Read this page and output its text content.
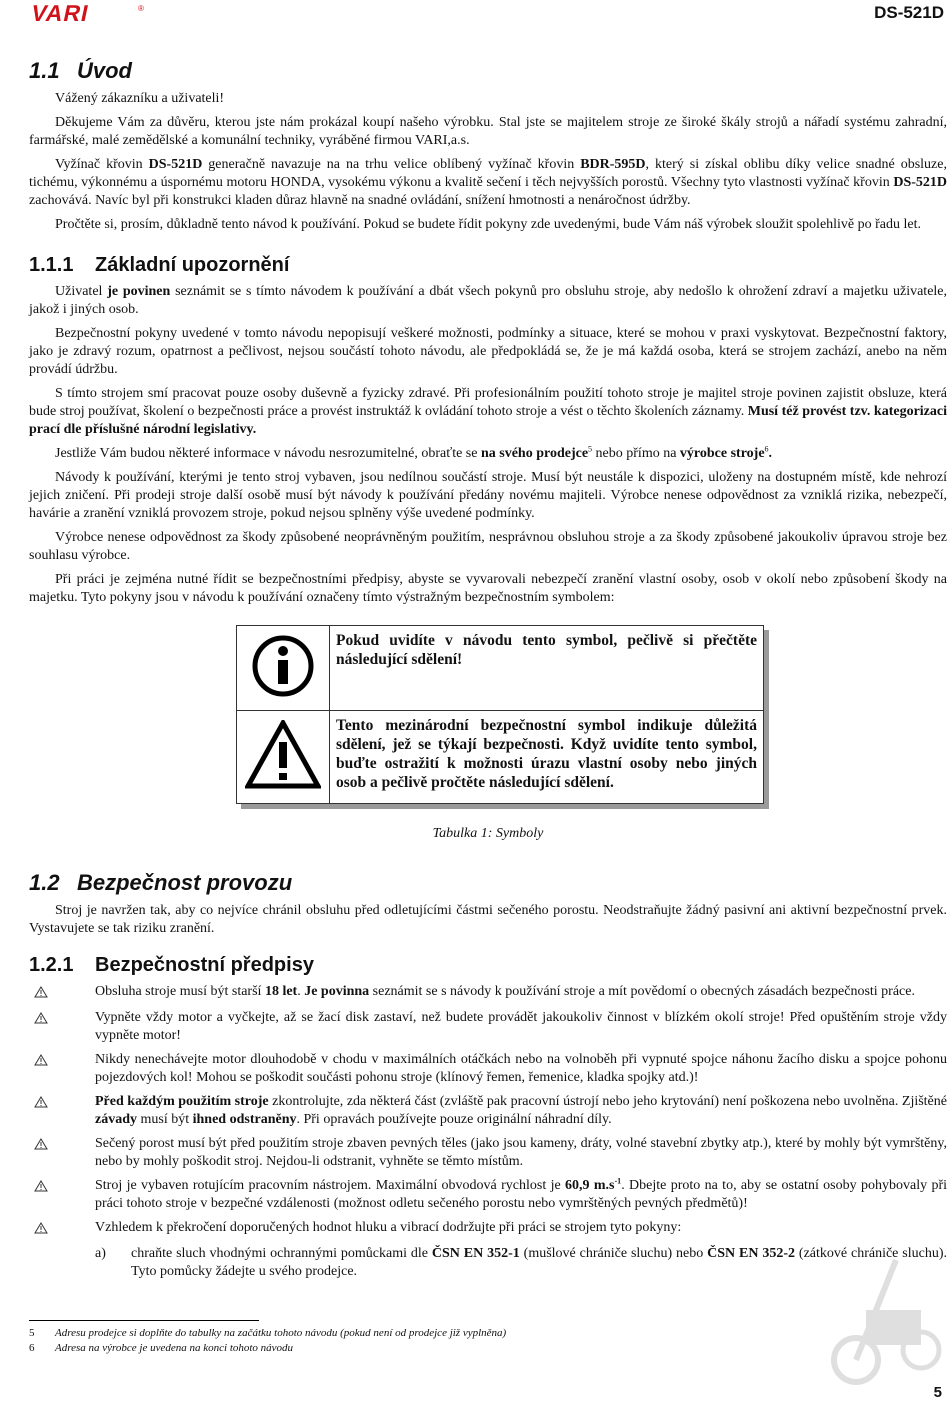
VARI	®	DS-521D
1.1 Úvod

Vážený zákazníku a uživateli!

Děkujeme Vám za důvěru, kterou jste nám prokázal koupí našeho výrobku. Stal jste se majitelem stroje ze široké škály strojů a nářadí systému zahradní, farmářské, malé zemědělské a komunální techniky, vyráběné firmou VARI,a.s.

Vyžínač křovin DS-521D generačně navazuje na na trhu velice oblíbený vyžínač křovin BDR-595D, který si získal oblibu díky velice snadné obsluze, tichému, výkonnému a úspornému motoru HONDA, vysokému výkonu a kvalitě sečení i těch nejvyšších porostů. Všechny tyto vlastnosti vyžínač křovin DS-521D zachovává. Navíc byl při konstrukci kladen důraz hlavně na snadné ovládání, snížení hmotnosti a nenáročnost údržby.

Pročtěte si, prosím, důkladně tento návod k používání. Pokud se budete řídit pokyny zde uvedenými, bude Vám náš výrobek sloužit spolehlivě po řadu let.

1.1.1 Základní upozornění

Uživatel je povinen seznámit se s tímto návodem k používání a dbát všech pokynů pro obsluhu stroje, aby nedošlo k ohrožení zdraví a majetku uživatele, jakož i jiných osob.

Bezpečnostní pokyny uvedené v tomto návodu nepopisují veškeré možnosti, podmínky a situace, které se mohou v praxi vyskytovat. Bezpečnostní faktory, jako je zdravý rozum, opatrnost a pečlivost, nejsou součástí tohoto návodu, ale předpokládá se, že je má každá osoba, která se strojem zachází, anebo na něm provádí údržbu.

S tímto strojem smí pracovat pouze osoby duševně a fyzicky zdravé. Při profesionálním použití tohoto stroje je majitel stroje povinen zajistit obsluze, která bude stroj používat, školení o bezpečnosti práce a provést instruktáž k ovládání tohoto stroje a vést o těchto školeních záznamy. Musí též provést tzv. kategorizaci prací dle příslušné národní legislativy.

Jestliže Vám budou některé informace v návodu nesrozumitelné, obraťte se na svého prodejce$^5$ nebo přímo na výrobce stroje$^6$.

Návody k používání, kterými je tento stroj vybaven, jsou nedílnou součástí stroje. Musí být neustále k dispozici, uloženy na dostupném místě, kde nehrozí jejich zničení. Při prodeji stroje další osobě musí být návody k používání předány novému majiteli. Výrobce nenese odpovědnost za vzniklá rizika, nebezpečí, havárie a zranění vzniklá provozem stroje, pokud nejsou splněny výše uvedené podmínky.

Výrobce nenese odpovědnost za škody způsobené neoprávněným použitím, nesprávnou obsluhou stroje a za škody způsobené jakoukoliv úpravou stroje bez souhlasu výrobce.

Při práci je zejména nutné řídit se bezpečnostními předpisy, abyste se vyvarovali nebezpečí zranění vlastní osoby, osob v okolí nebo způsobení škody na majetku. Tyto pokyny jsou v návodu k používání označeny tímto výstražným bezpečnostním symbolem:

	Pokud uvidíte v návodu tento symbol, pečlivě si přečtěte následující sdělení!
	Tento mezinárodní bezpečnostní symbol indikuje důležitá sdělení, jež se týkají bezpečnosti. Když uvidíte tento symbol, buďte ostražití k možnosti úrazu vlastní osoby nebo jiných osob a pečlivě pročtěte následující sdělení.
Tabulka 1: Symboly
1.2 Bezpečnost provozu

Stroj je navržen tak, aby co nejvíce chránil obsluhu před odletujícími částmi sečeného porostu. Neodstraňujte žádný pasivní ani aktivní bezpečnostní prvek. Vystavujete se tak riziku zranění.

1.2.1 Bezpečnostní předpisy

Obsluha stroje musí být starší 18 let. Je povinna seznámit se s návody k používání stroje a mít povědomí o obecných zásadách bezpečnosti práce.

Vypněte vždy motor a vyčkejte, až se žací disk zastaví, než budete provádět jakoukoliv činnost v blízkém okolí stroje! Před opuštěním stroje vždy vypněte motor!

Nikdy nenechávejte motor dlouhodobě v chodu v maximálních otáčkách nebo na volnoběh při vypnuté spojce náhonu žacího disku a spojce pohonu pojezdových kol! Mohou se poškodit součásti pohonu stroje (klínový řemen, řemenice, kladka spojky atd.)!

Před každým použitím stroje zkontrolujte, zda některá část (zvláště pak pracovní ústrojí nebo jeho krytování) není poškozena nebo uvolněna. Zjištěné závady musí být ihned odstraněny. Při opravách používejte pouze originální náhradní díly.

Sečený porost musí být před použitím stroje zbaven pevných těles (jako jsou kameny, dráty, volné stavební zbytky atp.), které by mohly být vymrštěny, nebo by mohly poškodit stroj. Nejdou-li odstranit, vyhněte se těmto místům.

Stroj je vybaven rotujícím pracovním nástrojem. Maximální obvodová rychlost je 60,9 $m.s^{-1}$. Dbejte proto na to, aby se ostatní osoby pohybovaly při práci tohoto stroje v bezpečné vzdálenosti (možnost odletu sečeného porostu nebo vymrštěných pevných předmětů)!

Vzhledem k překročení doporučených hodnot hluku a vibrací dodržujte při práci se strojem tyto pokyny:

a)	chraňte sluch vhodnými ochrannými pomůckami dle ČSN EN 352-1 (mušlové chrániče sluchu) nebo ČSN EN 352-2 (zátkové chrániče sluchu). Tyto pomůcky žádejte u svého prodejce.

5	Adresu prodejce si doplňte do tabulky na začátku tohoto návodu (pokud není od prodejce již vyplněna)
6	Adresa na výrobce je uvedena na konci tohoto návodu
5
